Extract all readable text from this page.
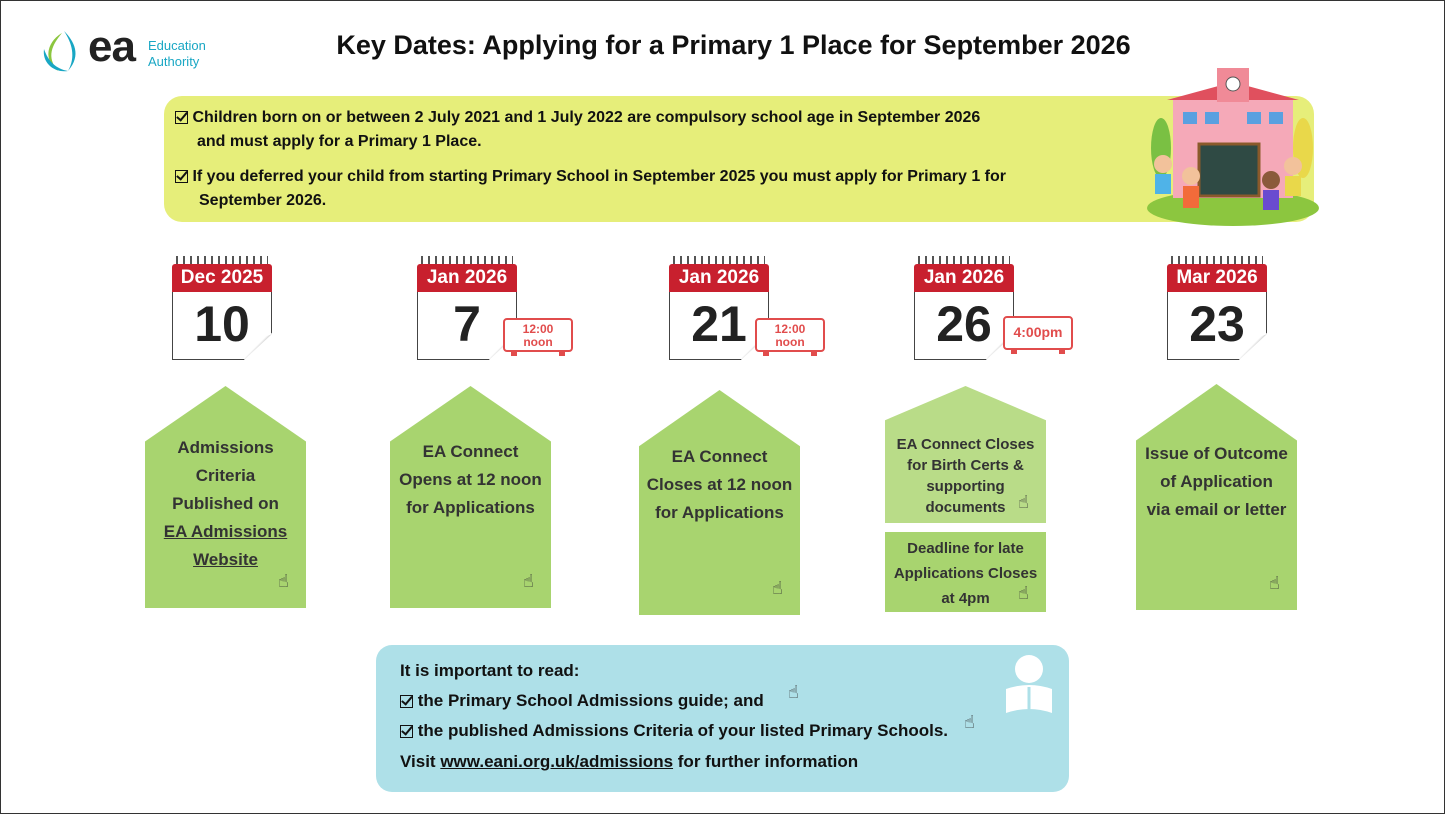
ea Education
Authority
Key Dates: Applying for a Primary 1 Place for September 2026
Children born on or between 2 July 2021 and 1 July 2022 are compulsory school age in September 2026
and must apply for a Primary 1 Place.
If you deferred your child from starting Primary School in September 2025 you must apply for Primary 1 for
September 2026.
Dec 2025
10
Admissions
Criteria
Published on
EA Admissions
Website
☝
Jan 2026
7	12:00
noon
EA Connect
Opens at 12 noon
for Applications
☝
Jan 2026
21	12:00
noon
EA Connect
Closes at 12 noon
for Applications
☝
Jan 2026
26	4:00pm
EA Connect Closes
for Birth Certs &
supporting
documents ☝
Deadline for late
Applications Closes
at 4pm	☝
Mar 2026
23
Issue of Outcome
of Application
via email or letter
☝
It is important to read:
the Primary School Admissions guide; and
the published Admissions Criteria of your listed Primary Schools.
Visit www.eani.org.uk/admissions for further information
☝
☝
